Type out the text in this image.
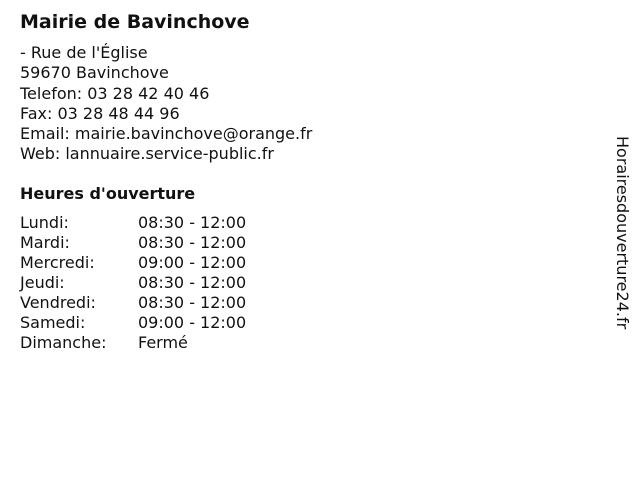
Mairie de Bavinchove
- Rue de l'Église
59670 Bavinchove
Telefon: 03 28 42 40 46
Fax: 03 28 48 44 96
Email: mairie.bavinchove@orange.fr
Web: lannuaire.service-public.fr
Heures d'ouverture
Lundi:	08:30 - 12:00
Mardi:	08:30 - 12:00
Mercredi:	09:00 - 12:00
Jeudi:	08:30 - 12:00
Vendredi:	08:30 - 12:00
Samedi:	09:00 - 12:00
Dimanche:	Fermé
Horairesdouverture24.fr
